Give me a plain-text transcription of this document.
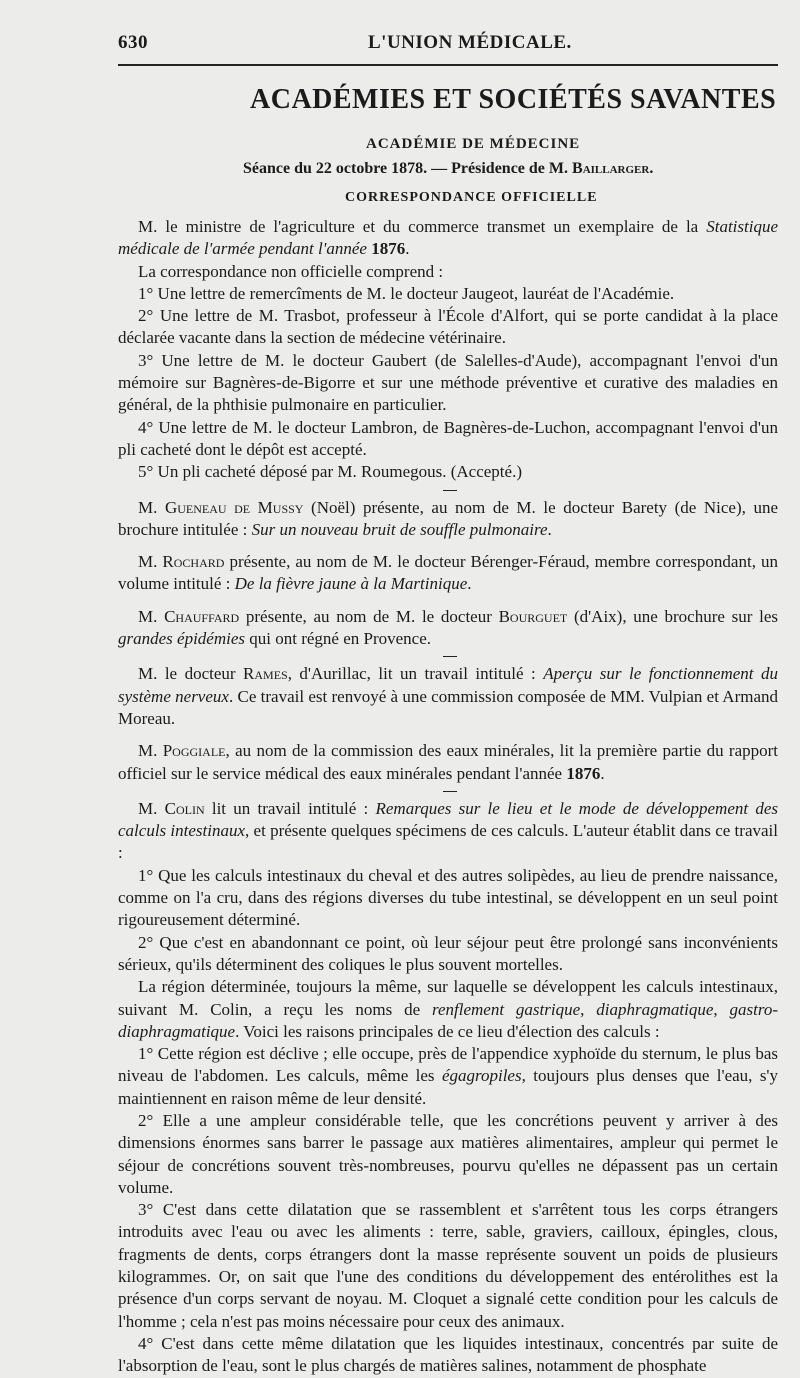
630	L'UNION MÉDICALE.
ACADÉMIES ET SOCIÉTÉS SAVANTES
ACADÉMIE DE MÉDECINE
Séance du 22 octobre 1878. — Présidence de M. Baillarger.
CORRESPONDANCE OFFICIELLE

M. le ministre de l'agriculture et du commerce transmet un exemplaire de la Statistique médicale de l'armée pendant l'année 1876.

La correspondance non officielle comprend :

1° Une lettre de remercîments de M. le docteur Jaugeot, lauréat de l'Académie.

2° Une lettre de M. Trasbot, professeur à l'École d'Alfort, qui se porte candidat à la place déclarée vacante dans la section de médecine vétérinaire.

3° Une lettre de M. le docteur Gaubert (de Salelles-d'Aude), accompagnant l'envoi d'un mémoire sur Bagnères-de-Bigorre et sur une méthode préventive et curative des maladies en général, de la phthisie pulmonaire en particulier.

4° Une lettre de M. le docteur Lambron, de Bagnères-de-Luchon, accompagnant l'envoi d'un pli cacheté dont le dépôt est accepté.

5° Un pli cacheté déposé par M. Roumegous. (Accepté.)

M. Gueneau de Mussy (Noël) présente, au nom de M. le docteur Barety (de Nice), une brochure intitulée : Sur un nouveau bruit de souffle pulmonaire.

M. Rochard présente, au nom de M. le docteur Bérenger-Féraud, membre correspondant, un volume intitulé : De la fièvre jaune à la Martinique.

M. Chauffard présente, au nom de M. le docteur Bourguet (d'Aix), une brochure sur les grandes épidémies qui ont régné en Provence.

M. le docteur Rames, d'Aurillac, lit un travail intitulé : Aperçu sur le fonctionnement du système nerveux. Ce travail est renvoyé à une commission composée de MM. Vulpian et Armand Moreau.

M. Poggiale, au nom de la commission des eaux minérales, lit la première partie du rapport officiel sur le service médical des eaux minérales pendant l'année 1876.

M. Colin lit un travail intitulé : Remarques sur le lieu et le mode de développement des calculs intestinaux, et présente quelques spécimens de ces calculs. L'auteur établit dans ce travail :

1° Que les calculs intestinaux du cheval et des autres solipèdes, au lieu de prendre naissance, comme on l'a cru, dans des régions diverses du tube intestinal, se développent en un seul point rigoureusement déterminé.

2° Que c'est en abandonnant ce point, où leur séjour peut être prolongé sans inconvénients sérieux, qu'ils déterminent des coliques le plus souvent mortelles.

La région déterminée, toujours la même, sur laquelle se développent les calculs intestinaux, suivant M. Colin, a reçu les noms de renflement gastrique, diaphragmatique, gastro-diaphragmatique. Voici les raisons principales de ce lieu d'élection des calculs :

1° Cette région est déclive ; elle occupe, près de l'appendice xyphoïde du sternum, le plus bas niveau de l'abdomen. Les calculs, même les égagropiles, toujours plus denses que l'eau, s'y maintiennent en raison même de leur densité.

2° Elle a une ampleur considérable telle, que les concrétions peuvent y arriver à des dimensions énormes sans barrer le passage aux matières alimentaires, ampleur qui permet le séjour de concrétions souvent très-nombreuses, pourvu qu'elles ne dépassent pas un certain volume.

3° C'est dans cette dilatation que se rassemblent et s'arrêtent tous les corps étrangers introduits avec l'eau ou avec les aliments : terre, sable, graviers, cailloux, épingles, clous, fragments de dents, corps étrangers dont la masse représente souvent un poids de plusieurs kilogrammes. Or, on sait que l'une des conditions du développement des entérolithes est la présence d'un corps servant de noyau. M. Cloquet a signalé cette condition pour les calculs de l'homme ; cela n'est pas moins nécessaire pour ceux des animaux.

4° C'est dans cette même dilatation que les liquides intestinaux, concentrés par suite de l'absorption de l'eau, sont le plus chargés de matières salines, notamment de phosphate
